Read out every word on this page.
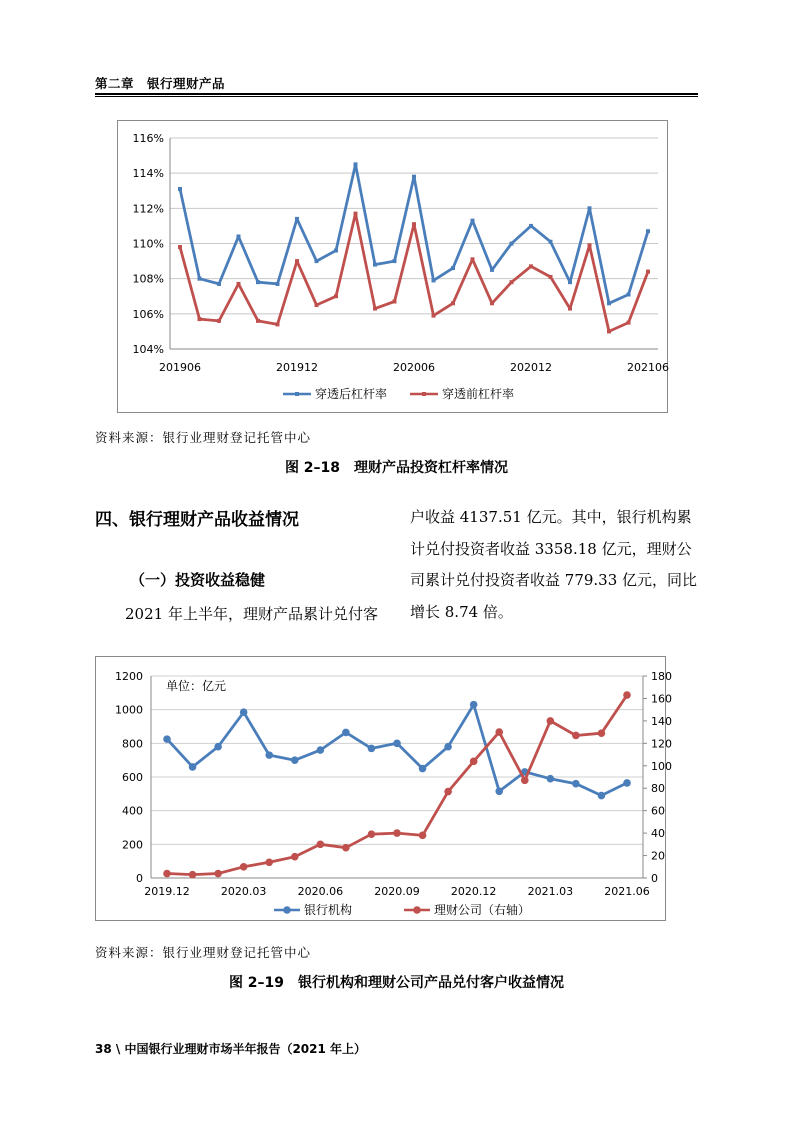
第二章　银行理财产品
104%
106%
108%
110%
112%
114%
116%
201906	201912	202006	202012	202106
穿透后杠杆率	穿透前杠杆率
资料来源：银行业理财登记托管中心
图 2–18　理财产品投资杠杆率情况
四、银行理财产品收益情况
（一）投资收益稳健
2021 年上半年，理财产品累计兑付客
户收益 4137.51 亿元。其中，银行机构累计兑付投资者收益 3358.18 亿元，理财公司累计兑付投资者收益 779.33 亿元，同比增长 8.74 倍。
0
200
400
600
800
1000
1200
0
20
40
60
80
100
120
140
160
180
2019.12	2020.03	2020.06	2020.09	2020.12	2021.03	2021.06
单位：亿元
银行机构	理财公司（右轴）
资料来源：银行业理财登记托管中心
图 2–19　银行机构和理财公司产品兑付客户收益情况
38 \ 中国银行业理财市场半年报告（2021 年上）
